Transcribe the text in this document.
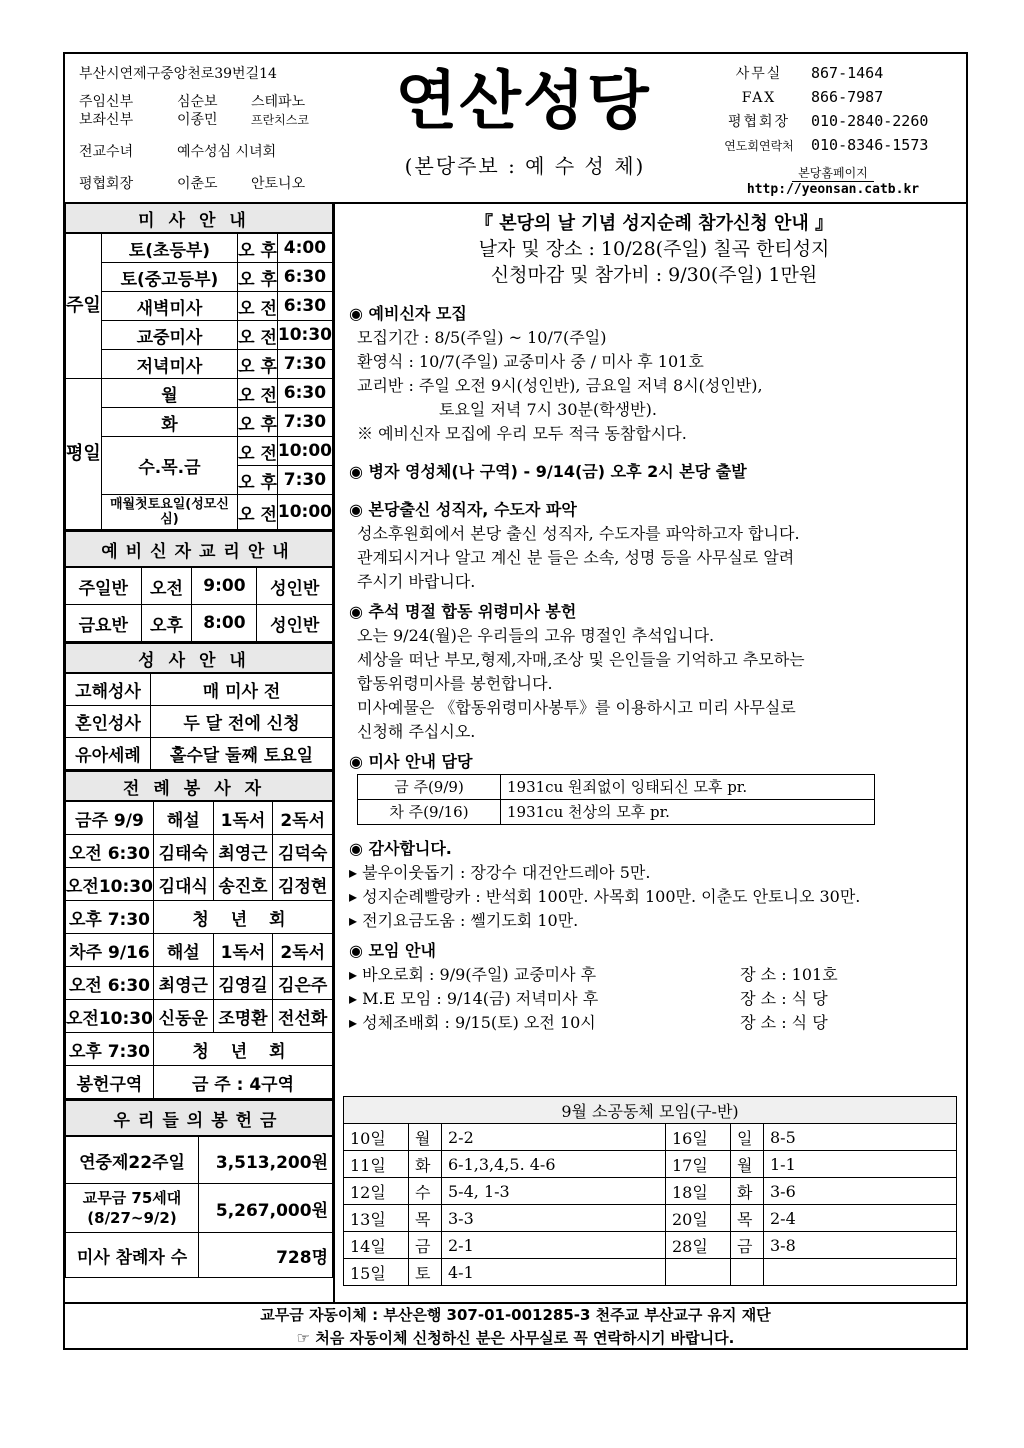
부산시연제구중앙천로39번길14
주임신부	심순보 스테파노
보좌신부	이종민	프란치스코
전교수녀	예수성심 시녀회
평협회장	이춘도 안토니오
연산성당
(본당주보 : 예 수 성 체)
사무실 867-1464
FAX 866-7987
평협회장 010-2840-2260
연도회연락처 010-8346-1573
본당홈페이지
http://yeonsan.catb.kr
미사안내			
주일	토(초등부)	오 후	4:00
	토(중고등부)	오 후	6:30
	새벽미사	오 전	6:30
	교중미사	오 전	10:30
	저녁미사	오 후	7:30
평일	월	오 전	6:30
	화	오 후	7:30
	수.목.금	오 전	10:00
		오 후	7:30
	매월첫토요일(성모신심)	오 전	10:00
예비신자교리안내			
주일반	오전	9:00	성인반
금요반	오후	8:00	성인반
성사안내	
고해성사	매 미사 전
혼인성사	두 달 전에 신청
유아세례	홀수달 둘째 토요일
전례봉사자			
금주 9/9	해설	1독서	2독서
오전 6:30	김태숙	최영근	김덕숙
오전10:30	김대식	송진호	김정현
오후 7:30	청 년 회		
차주 9/16	해설	1독서	2독서
오전 6:30	최영근	김영길	김은주
오전10:30	신동운	조명환	전선화
오후 7:30	청 년 회		
봉헌구역	금 주 : 4구역		
우리들의봉헌금	
연중제22주일	3,513,200원
교무금 75세대 (8/27~9/2)	5,267,000원
미사 참례자 수	728명
『 본당의 날 기념 성지순례 참가신청 안내 』
날자 및 장소 : 10/28(주일) 칠곡 한티성지
신청마감 및 참가비 : 9/30(주일) 1만원
◉ 예비신자 모집
모집기간 : 8/5(주일) ~ 10/7(주일)
환영식 : 10/7(주일) 교중미사 중 / 미사 후 101호
교리반 : 주일 오전 9시(성인반), 금요일 저녁 8시(성인반),
토요일 저녁 7시 30분(학생반).
※ 예비신자 모집에 우리 모두 적극 동참합시다.
◉ 병자 영성체(나 구역) - 9/14(금) 오후 2시 본당 출발
◉ 본당출신 성직자, 수도자 파악
성소후원회에서 본당 출신 성직자, 수도자를 파악하고자 합니다.
관계되시거나 알고 계신 분 들은 소속, 성명 등을 사무실로 알려
주시기 바랍니다.
◉ 추석 명절 합동 위령미사 봉헌
오는 9/24(월)은 우리들의 고유 명절인 추석입니다.
세상을 떠난 부모,형제,자매,조상 및 은인들을 기억하고 추모하는
합동위령미사를 봉헌합니다.
미사예물은 《합동위령미사봉투》를 이용하시고 미리 사무실로
신청해 주십시오.
◉ 미사 안내 담당
금 주(9/9)	1931cu 원죄없이 잉태되신 모후 pr.
차 주(9/16)	1931cu 천상의 모후 pr.
◉ 감사합니다.
▸ 불우이웃돕기 : 장강수 대건안드레아 5만.
▸ 성지순례빨랑카 : 반석회 100만. 사목회 100만. 이춘도 안토니오 30만.
▸ 전기요금도움 : 쎌기도회 10만.
◉ 모임 안내
▸ 바오로회 : 9/9(주일) 교중미사 후	장 소 : 101호
▸ M.E 모임 : 9/14(금) 저녁미사 후	장 소 : 식 당
▸ 성체조배회 : 9/15(토) 오전 10시	장 소 : 식 당
9월 소공동체 모임(구-반)					
10일	월	2-2	16일	일	8-5
11일	화	6-1,3,4,5. 4-6	17일	월	1-1
12일	수	5-4, 1-3	18일	화	3-6
13일	목	3-3	20일	목	2-4
14일	금	2-1	28일	금	3-8
15일	토	4-1			
교무금 자동이체 : 부산은행 307-01-001285-3 천주교 부산교구 유지 재단
☞ 처음 자동이체 신청하신 분은 사무실로 꼭 연락하시기 바랍니다.
